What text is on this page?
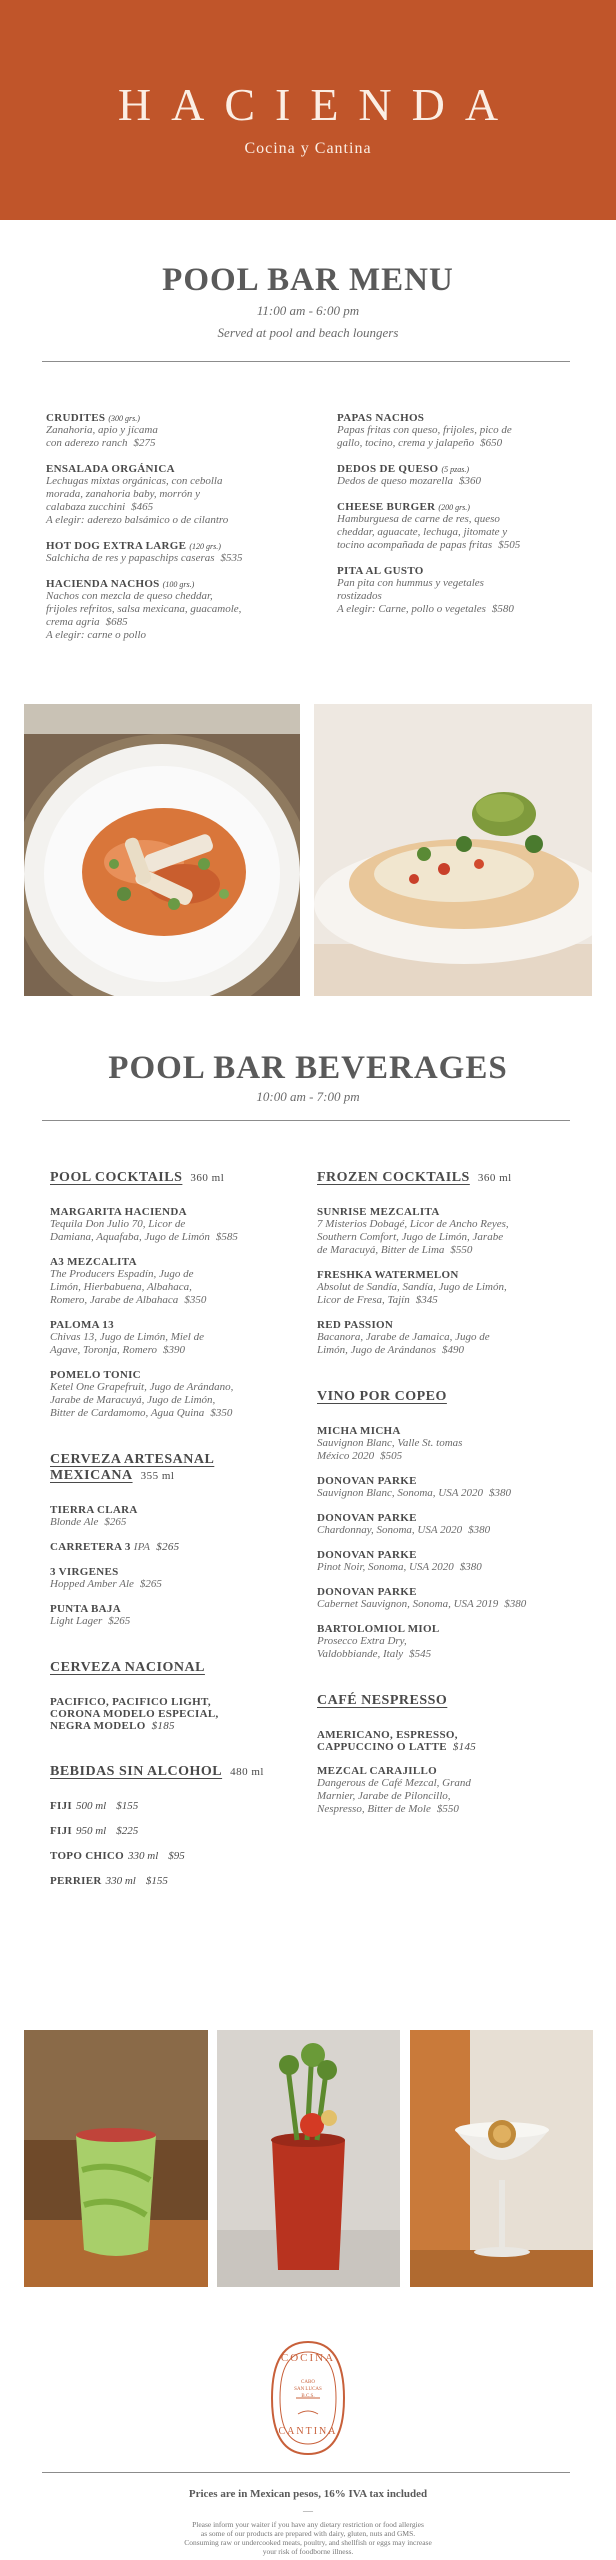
HACIENDA
Cocina y Cantina
POOL BAR MENU
11:00 am - 6:00 pm
Served at pool and beach loungers
CRUDITES (300 grs.)
Zanahoria, apio y jícama
con aderezo ranch $275
ENSALADA ORGÁNICA
Lechugas mixtas orgánicas, con cebolla
morada, zanahoria baby, morrón y
calabaza zucchini $465
A elegir: aderezo balsámico o de cilantro
HOT DOG EXTRA LARGE (120 grs.)
Salchicha de res y papaschips caseras $535
HACIENDA NACHOS (100 grs.)
Nachos con mezcla de queso cheddar,
frijoles refritos, salsa mexicana, guacamole,
crema agria $685
A elegir: carne o pollo
PAPAS NACHOS
Papas fritas con queso, frijoles, pico de
gallo, tocino, crema y jalapeño $650
DEDOS DE QUESO (5 pzas.)
Dedos de queso mozarella $360
CHEESE BURGER (200 grs.)
Hamburguesa de carne de res, queso
cheddar, aguacate, lechuga, jitomate y
tocino acompañada de papas fritas $505
PITA AL GUSTO
Pan pita con hummus y vegetales
rostizados
A elegir: Carne, pollo o vegetales $580
POOL BAR BEVERAGES
10:00 am - 7:00 pm
POOL COCKTAILS 360 ml
MARGARITA HACIENDA
Tequila Don Julio 70, Licor de
Damiana, Aquafaba, Jugo de Limón $585
A3 MEZCALITA
The Producers Espadín, Jugo de
Limón, Hierbabuena, Albahaca,
Romero, Jarabe de Albahaca $350
PALOMA 13
Chivas 13, Jugo de Limón, Miel de
Agave, Toronja, Romero $390
POMELO TONIC
Ketel One Grapefruit, Jugo de Arándano,
Jarabe de Maracuyá, Jugo de Limón,
Bitter de Cardamomo, Agua Quina $350
CERVEZA ARTESANAL
MEXICANA 355 ml
TIERRA CLARA
Blonde Ale $265
CARRETERA 3 IPA $265
3 VIRGENES
Hopped Amber Ale $265
PUNTA BAJA
Light Lager $265
CERVEZA NACIONAL
PACIFICO, PACIFICO LIGHT,
CORONA MODELO ESPECIAL,
NEGRA MODELO $185
BEBIDAS SIN ALCOHOL 480 ml
FIJI 500 ml $155
FIJI 950 ml $225
TOPO CHICO 330 ml $95
PERRIER 330 ml $155
FROZEN COCKTAILS 360 ml
SUNRISE MEZCALITA
7 Misterios Dobagé, Licor de Ancho Reyes,
Southern Comfort, Jugo de Limón, Jarabe
de Maracuyá, Bitter de Lima $550
FRESHKA WATERMELON
Absolut de Sandía, Sandía, Jugo de Limón,
Licor de Fresa, Tajín $345
RED PASSION
Bacanora, Jarabe de Jamaica, Jugo de
Limón, Jugo de Arándanos $490
VINO POR COPEO
MICHA MICHA
Sauvignon Blanc, Valle St. tomas
México 2020 $505
DONOVAN PARKE
Sauvignon Blanc, Sonoma, USA 2020 $380
DONOVAN PARKE
Chardonnay, Sonoma, USA 2020 $380
DONOVAN PARKE
Pinot Noir, Sonoma, USA 2020 $380
DONOVAN PARKE
Cabernet Sauvignon, Sonoma, USA 2019 $380
BARTOLOMIOL MIOL
Prosecco Extra Dry,
Valdobbiande, Italy $545
CAFÉ NESPRESSO
AMERICANO, ESPRESSO,
CAPPUCCINO O LATTE $145
MEZCAL CARAJILLO
Dangerous de Café Mezcal, Grand
Marnier, Jarabe de Piloncillo,
Nespresso, Bitter de Mole $550
COCINA
CABO
SAN LUCAS
B.C.S.
CANTINA
Prices are in Mexican pesos, 16% IVA tax included
—
Please inform your waiter if you have any dietary restriction or food allergies
as some of our products are prepared with dairy, gluten, nuts and GMS.
Consuming raw or undercooked meats, poultry, and shellfish or eggs may increase
your risk of foodborne illness.
